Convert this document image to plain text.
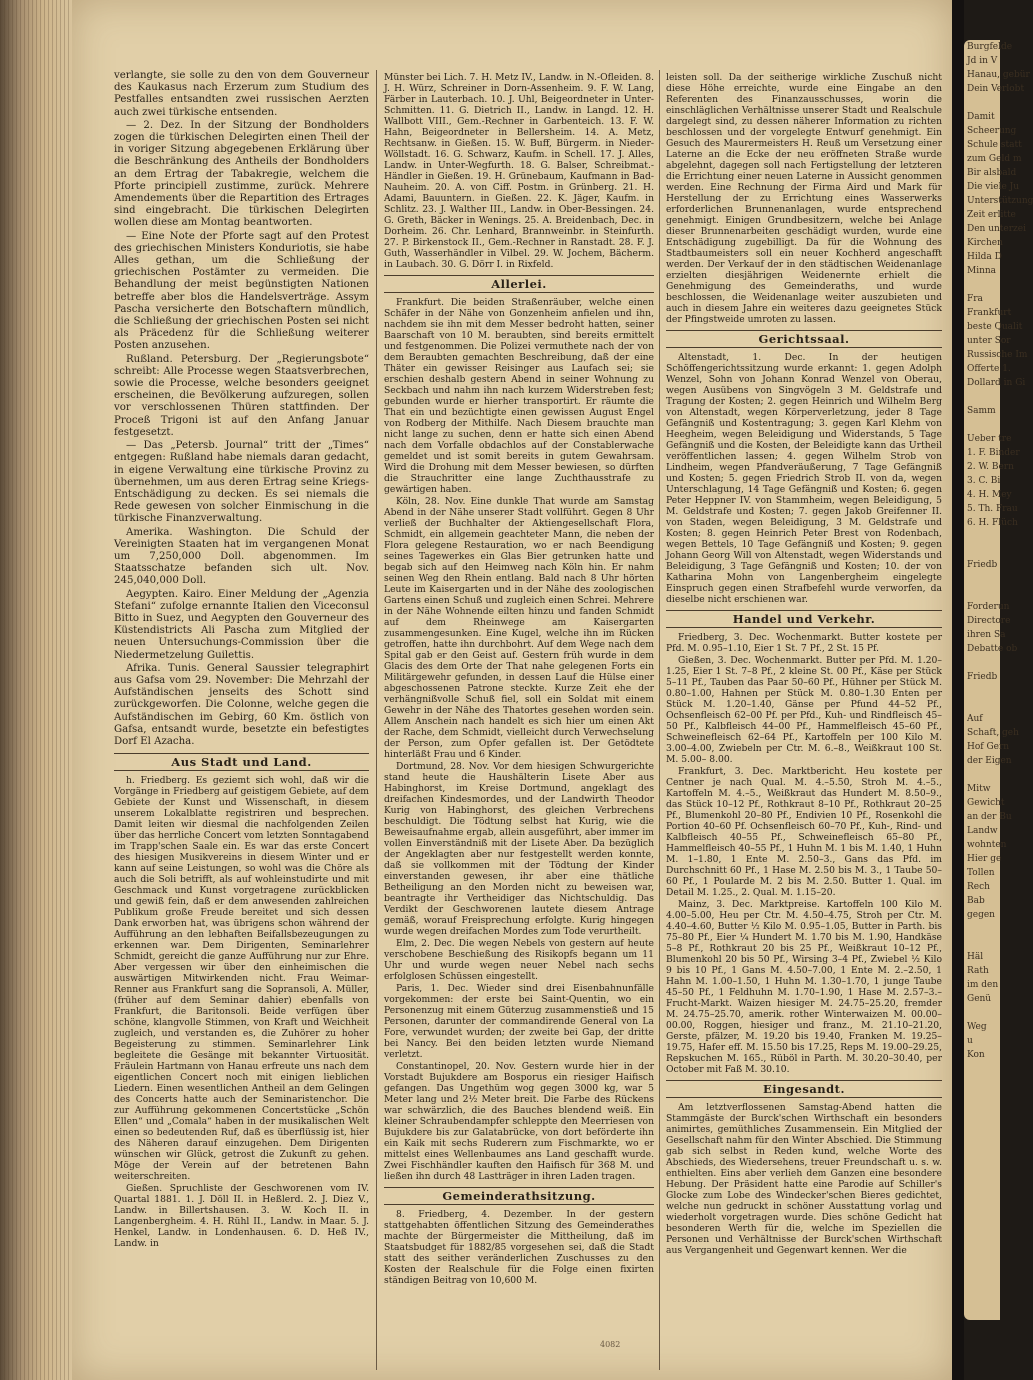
verlangte, sie solle zu den von dem Gouverneur des Kaukasus nach Erzerum zum Studium des Pestfalles entsandten zwei russischen Aerzten auch zwei türkische entsenden.

— 2. Dez. In der Sitzung der Bondholders zogen die türkischen Delegirten einen Theil der in voriger Sitzung abgegebenen Erklärung über die Beschränkung des Antheils der Bondholders an dem Ertrag der Tabakregie, welchem die Pforte principiell zustimme, zurück. Mehrere Amendements über die Repartition des Ertrages sind eingebracht. Die türkischen Delegirten wollen diese am Montag beantworten.

— Eine Note der Pforte sagt auf den Protest des griechischen Ministers Konduriotis, sie habe Alles gethan, um die Schließung der griechischen Postämter zu vermeiden. Die Behandlung der meist begünstigten Nationen betreffe aber blos die Handelsverträge. Assym Pascha versicherte den Botschaftern mündlich, die Schließung der griechischen Posten sei nicht als Präcedenz für die Schließung weiterer Posten anzusehen.

Rußland. Petersburg. Der „Regierungsbote“ schreibt: Alle Processe wegen Staatsverbrechen, sowie die Processe, welche besonders geeignet erscheinen, die Bevölkerung aufzuregen, sollen vor verschlossenen Thüren stattfinden. Der Proceß Trigoni ist auf den Anfang Januar festgesetzt.

— Das „Petersb. Journal“ tritt der „Times“ entgegen: Rußland habe niemals daran gedacht, in eigene Verwaltung eine türkische Provinz zu übernehmen, um aus deren Ertrag seine Kriegs-Entschädigung zu decken. Es sei niemals die Rede gewesen von solcher Einmischung in die türkische Finanzverwaltung.

Amerika. Washington. Die Schuld der Vereinigten Staaten hat im vergangenen Monat um 7,250,000 Doll. abgenommen. Im Staatsschatze befanden sich ult. Nov. 245,040,000 Doll.

Aegypten. Kairo. Einer Meldung der „Agenzia Stefani“ zufolge ernannte Italien den Viceconsul Bitto in Suez, und Aegypten den Gouverneur des Küstendistricts Ali Pascha zum Mitglied der neuen Untersuchungs-Commission über die Niedermetzelung Guilettis.

Afrika. Tunis. General Saussier telegraphirt aus Gafsa vom 29. November: Die Mehrzahl der Aufständischen jenseits des Schott sind zurückgeworfen. Die Colonne, welche gegen die Aufständischen im Gebirg, 60 Km. östlich von Gafsa, entsandt wurde, besetzte ein befestigtes Dorf El Azacha.

Aus Stadt und Land.

h. Friedberg. Es geziemt sich wohl, daß wir die Vorgänge in Friedberg auf geistigem Gebiete, auf dem Gebiete der Kunst und Wissenschaft, in diesem unserem Lokalblatte registriren und besprechen. Damit leiten wir diesmal die nachfolgenden Zeilen über das herrliche Concert vom letzten Sonntagabend im Trapp'schen Saale ein. Es war das erste Concert des hiesigen Musikvereins in diesem Winter und er kann auf seine Leistungen, so wohl was die Chöre als auch die Soli betrifft, als auf wohleinstudirte und mit Geschmack und Kunst vorgetragene zurückblicken und gewiß fein, daß er dem anwesenden zahlreichen Publikum große Freude bereitet und sich dessen Dank erworben hat, was übrigens schon während der Aufführung an den lebhaften Beifallsbezeugungen zu erkennen war. Dem Dirigenten, Seminarlehrer Schmidt, gereicht die ganze Aufführung nur zur Ehre. Aber vergessen wir über den einheimischen die auswärtigen Mitwirkenden nicht. Frau Weimar-Renner aus Frankfurt sang die Sopransoli, A. Müller, (früher auf dem Seminar dahier) ebenfalls von Frankfurt, die Baritonsoli. Beide verfügen über schöne, klangvolle Stimmen, von Kraft und Weichheit zugleich, und verstanden es, die Zuhörer zu hoher Begeisterung zu stimmen. Seminarlehrer Link begleitete die Gesänge mit bekannter Virtuosität. Fräulein Hartmann von Hanau erfreute uns nach dem eigentlichen Concert noch mit einigen lieblichen Liedern. Einen wesentlichen Antheil an dem Gelingen des Concerts hatte auch der Seminaristenchor. Die zur Aufführung gekommenen Concertstücke „Schön Ellen“ und „Comala“ haben in der musikalischen Welt einen so bedeutenden Ruf, daß es überflüssig ist, hier des Näheren darauf einzugehen. Dem Dirigenten wünschen wir Glück, getrost die Zukunft zu gehen. Möge der Verein auf der betretenen Bahn weiterschreiten.

Gießen. Spruchliste der Geschworenen vom IV. Quartal 1881. 1. J. Döll II. in Heßlerd. 2. J. Diez V., Landw. in Billertshausen. 3. W. Koch II. in Langenbergheim. 4. H. Rühl II., Landw. in Maar. 5. J. Henkel, Landw. in Londenhausen. 6. D. Heß IV., Landw. in

Münster bei Lich. 7. H. Metz IV., Landw. in N.-Ofleiden. 8. J. H. Würz, Schreiner in Dorn-Assenheim. 9. F. W. Lang, Färber in Lauterbach. 10. J. Uhl, Beigeordneter in Unter-Schmitten. 11. G. Dietrich II., Landw. in Langd. 12. H. Wallbott VIII., Gem.-Rechner in Garbenteich. 13. F. W. Hahn, Beigeordneter in Bellersheim. 14. A. Metz, Rechtsanw. in Gießen. 15. W. Buff, Bürgerm. in Nieder-Wöllstadt. 16. G. Schwarz, Kaufm. in Schell. 17. J. Alles, Landw. in Unter-Wegfurth. 18. G. Balser, Schreibmat.-Händler in Gießen. 19. H. Grünebaum, Kaufmann in Bad-Nauheim. 20. A. von Ciff. Postm. in Grünberg. 21. H. Adami, Bauuntern. in Gießen. 22. K. Jäger, Kaufm. in Schlitz. 23. J. Walther III., Landw. in Ober-Bessingen. 24. G. Greth, Bäcker in Wenings. 25. A. Breidenbach, Dec. in Dorheim. 26. Chr. Lenhard, Brannweinbr. in Steinfurth. 27. P. Birkenstock II., Gem.-Rechner in Ranstadt. 28. F. J. Guth, Wasserhändler in Vilbel. 29. W. Jochem, Bächerm. in Laubach. 30. G. Dörr I. in Rixfeld.

Allerlei.

Frankfurt. Die beiden Straßenräuber, welche einen Schäfer in der Nähe von Gonzenheim anfielen und ihn, nachdem sie ihn mit dem Messer bedroht hatten, seiner Baarschaft von 10 M. beraubten, sind bereits ermittelt und festgenommen. Die Polizei vermuthete nach der von dem Beraubten gemachten Beschreibung, daß der eine Thäter ein gewisser Reisinger aus Laufach sei; sie erschien deshalb gestern Abend in seiner Wohnung zu Seckbach und nahm ihn nach kurzem Widerstreben fest; gebunden wurde er hierher transportirt. Er räumte die That ein und bezüchtigte einen gewissen August Engel von Rodberg der Mithilfe. Nach Diesem brauchte man nicht lange zu suchen, denn er hatte sich einen Abend nach dem Vorfalle obdachlos auf der Constablerwache gemeldet und ist somit bereits in gutem Gewahrsam. Wird die Drohung mit dem Messer bewiesen, so dürften die Strauchritter eine lange Zuchthausstrafe zu gewärtigen haben.

Köln, 28. Nov. Eine dunkle That wurde am Samstag Abend in der Nähe unserer Stadt vollführt. Gegen 8 Uhr verließ der Buchhalter der Aktiengesellschaft Flora, Schmidt, ein allgemein geachteter Mann, die neben der Flora gelegene Restauration, wo er nach Beendigung seines Tagewerkes ein Glas Bier getrunken hatte und begab sich auf den Heimweg nach Köln hin. Er nahm seinen Weg den Rhein entlang. Bald nach 8 Uhr hörten Leute im Kaisergarten und in der Nähe des zoologischen Gartens einen Schuß und zugleich einen Schrei. Mehrere in der Nähe Wohnende eilten hinzu und fanden Schmidt auf dem Rheinwege am Kaisergarten zusammengesunken. Eine Kugel, welche ihn im Rücken getroffen, hatte ihn durchbohrt. Auf dem Wege nach dem Spital gab er den Geist auf. Gestern früh wurde in dem Glacis des dem Orte der That nahe gelegenen Forts ein Militärgewehr gefunden, in dessen Lauf die Hülse einer abgeschossenen Patrone steckte. Kurze Zeit ehe der verhängnißvolle Schuß fiel, soll ein Soldat mit einem Gewehr in der Nähe des Thatortes gesehen worden sein. Allem Anschein nach handelt es sich hier um einen Akt der Rache, dem Schmidt, vielleicht durch Verwechselung der Person, zum Opfer gefallen ist. Der Getödtete hinterläßt Frau und 6 Kinder.

Dortmund, 28. Nov. Vor dem hiesigen Schwurgerichte stand heute die Haushälterin Lisete Aber aus Habinghorst, im Kreise Dortmund, angeklagt des dreifachen Kindesmordes, und der Landwirth Theodor Kurig von Habinghorst, des gleichen Verbrechens beschuldigt. Die Tödtung selbst hat Kurig, wie die Beweisaufnahme ergab, allein ausgeführt, aber immer im vollen Einverständniß mit der Lisete Aber. Da bezüglich der Angeklagten aber nur festgestellt werden konnte, daß sie vollkommen mit der Tödtung der Kinder einverstanden gewesen, ihr aber eine thätliche Betheiligung an den Morden nicht zu beweisen war, beantragte ihr Vertheidiger das Nichtschuldig. Das Verdikt der Geschworenen lautete diesem Antrage gemäß, worauf Freisprechung erfolgte. Kurig hingegen wurde wegen dreifachen Mordes zum Tode verurtheilt.

Elm, 2. Dec. Die wegen Nebels von gestern auf heute verschobene Beschießung des Risikopfs begann um 11 Uhr und wurde wegen neuer Nebel nach sechs erfolglosen Schüssen eingestellt.

Paris, 1. Dec. Wieder sind drei Eisenbahnunfälle vorgekommen: der erste bei Saint-Quentin, wo ein Personenzug mit einem Güterzug zusammenstieß und 15 Personen, darunter der commandirende General von La Fore, verwundet wurden; der zweite bei Gap, der dritte bei Nancy. Bei den beiden letzten wurde Niemand verletzt.

Constantinopel, 20. Nov. Gestern wurde hier in der Vorstadt Bujukdere am Bosporus ein riesiger Haifisch gefangen. Das Ungethüm wog gegen 3000 kg, war 5 Meter lang und 2½ Meter breit. Die Farbe des Rückens war schwärzlich, die des Bauches blendend weiß. Ein kleiner Schraubendampfer schleppte den Meerriesen von Bujukdere bis zur Galatabrücke, von dort beförderte ihn ein Kaik mit sechs Ruderern zum Fischmarkte, wo er mittelst eines Wellenbaumes ans Land geschafft wurde. Zwei Fischhändler kauften den Haifisch für 368 M. und ließen ihn durch 48 Lastträger in ihren Laden tragen.

Gemeinderathsitzung.

8. Friedberg, 4. Dezember. In der gestern stattgehabten öffentlichen Sitzung des Gemeinderathes machte der Bürgermeister die Mittheilung, daß im Staatsbudget für 1882/85 vorgesehen sei, daß die Stadt statt des seither veränderlichen Zuschusses zu den Kosten der Realschule für die Folge einen fixirten ständigen Beitrag von 10,600 M.

leisten soll. Da der seitherige wirkliche Zuschuß nicht diese Höhe erreichte, wurde eine Eingabe an den Referenten des Finanzausschusses, worin die einschläglichen Verhältnisse unserer Stadt und Realschule dargelegt sind, zu dessen näherer Information zu richten beschlossen und der vorgelegte Entwurf genehmigt. Ein Gesuch des Maurermeisters H. Reuß um Versetzung einer Laterne an die Ecke der neu eröffneten Straße wurde abgelehnt, dagegen soll nach Fertigstellung der letzteren die Errichtung einer neuen Laterne in Aussicht genommen werden. Eine Rechnung der Firma Aird und Mark für Herstellung der zu Errichtung eines Wasserwerks erforderlichen Brunnenanlagen, wurde entsprechend genehmigt. Einigen Grundbesitzern, welche bei Anlage dieser Brunnenarbeiten geschädigt wurden, wurde eine Entschädigung zugebilligt. Da für die Wohnung des Stadtbaumeisters soll ein neuer Kochherd angeschafft werden. Der Verkauf der in den städtischen Weidenanlage erzielten diesjährigen Weidenernte erhielt die Genehmigung des Gemeinderaths, und wurde beschlossen, die Weidenanlage weiter auszubieten und auch in diesem Jahre ein weiteres dazu geeignetes Stück der Pfingstweide umroten zu lassen.

Gerichtssaal.

Altenstadt, 1. Dec. In der heutigen Schöffengerichtssitzung wurde erkannt: 1. gegen Adolph Wenzel, Sohn von Johann Konrad Wenzel von Oberau, wegen Ausübens von Singvögeln 3 M. Geldstrafe und Tragung der Kosten; 2. gegen Heinrich und Wilhelm Berg von Altenstadt, wegen Körperverletzung, jeder 8 Tage Gefängniß und Kostentragung; 3. gegen Karl Klehm von Heegheim, wegen Beleidigung und Widerstands, 5 Tage Gefängniß und die Kosten, der Beleidigte kann das Urtheil veröffentlichen lassen; 4. gegen Wilhelm Strob von Lindheim, wegen Pfandveräußerung, 7 Tage Gefängniß und Kosten; 5. gegen Friedrich Strob II. von da, wegen Unterschlagung, 14 Tage Gefängniß und Kosten; 6. gegen Peter Heppner IV. von Stammheim, wegen Beleidigung, 5 M. Geldstrafe und Kosten; 7. gegen Jakob Greifenner II. von Staden, wegen Beleidigung, 3 M. Geldstrafe und Kosten; 8. gegen Heinrich Peter Brest von Rodenbach, wegen Bettels, 10 Tage Gefängniß und Kosten; 9. gegen Johann Georg Will von Altenstadt, wegen Widerstands und Beleidigung, 3 Tage Gefängniß und Kosten; 10. der von Katharina Mohn von Langenbergheim eingelegte Einspruch gegen einen Strafbefehl wurde verworfen, da dieselbe nicht erschienen war.

Handel und Verkehr.

Friedberg, 3. Dec. Wochenmarkt. Butter kostete per Pfd. M. 0.95–1.10, Eier 1 St. 7 Pf., 2 St. 15 Pf.

Gießen, 3. Dec. Wochenmarkt. Butter per Pfd. M. 1.20–1.25, Eier 1 St. 7–8 Pf., 2 kleine St. 00 Pf., Käse per Stück 5–11 Pf., Tauben das Paar 50–60 Pf., Hühner per Stück M. 0.80–1.00, Hahnen per Stück M. 0.80–1.30 Enten per Stück M. 1.20–1.40, Gänse per Pfund 44–52 Pf., Ochsenfleisch 62–00 Pf. per Pfd., Kuh- und Rindfleisch 45–50 Pf., Kalbfleisch 44–00 Pf., Hammelfleisch 45–60 Pf., Schweinefleisch 62–64 Pf., Kartoffeln per 100 Kilo M. 3.00–4.00, Zwiebeln per Ctr. M. 6.–8., Weißkraut 100 St. M. 5.00– 8.00.

Frankfurt, 3. Dec. Marktbericht. Heu kostete per Centner je nach Qual. M. 4.–5.50, Stroh M. 4.–5., Kartoffeln M. 4.–5., Weißkraut das Hundert M. 8.50–9., das Stück 10–12 Pf., Rothkraut 8–10 Pf., Rothkraut 20–25 Pf., Blumenkohl 20–80 Pf., Endivien 10 Pf., Rosenkohl die Portion 40–60 Pf. Ochsenfleisch 60–70 Pf., Kuh-, Rind- und Kalbfleisch 40–55 Pf., Schweinefleisch 65–80 Pf., Hammelfleisch 40–55 Pf., 1 Huhn M. 1 bis M. 1.40, 1 Huhn M. 1–1.80, 1 Ente M. 2.50–3., Gans das Pfd. im Durchschnitt 60 Pf., 1 Hase M. 2.50 bis M. 3., 1 Taube 50–60 Pf., 1 Poularde M. 2 bis M. 2.50. Butter 1. Qual. im Detail M. 1.25., 2. Qual. M. 1.15–20.

Mainz, 3. Dec. Marktpreise. Kartoffeln 100 Kilo M. 4.00–5.00, Heu per Ctr. M. 4.50–4.75, Stroh per Ctr. M. 4.40–4.60, Butter ½ Kilo M. 0.95–1.05, Butter in Parth. bis 75–80 Pf., Eier ¼ Hundert M. 1.70 bis M. 1.90, Handkäse 5–8 Pf., Rothkraut 20 bis 25 Pf., Weißkraut 10–12 Pf., Blumenkohl 20 bis 50 Pf., Wirsing 3–4 Pf., Zwiebel ½ Kilo 9 bis 10 Pf., 1 Gans M. 4.50–7.00, 1 Ente M. 2.–2.50, 1 Hahn M. 1.00–1.50, 1 Huhn M. 1.30–1.70, 1 junge Taube 45–50 Pf., 1 Feldhuhn M. 1.70–1.90, 1 Hase M. 2.57–3.– Frucht-Markt. Waizen hiesiger M. 24.75–25.20, fremder M. 24.75–25.70, amerik. rother Winterwaizen M. 00.00–00.00, Roggen, hiesiger und franz., M. 21.10–21.20, Gerste, pfälzer, M. 19.20 bis 19.40, Franken M. 19.25–19.75, Hafer eff. M. 15.50 bis 17.25, Reps M. 19.00–29.25, Repskuchen M. 165., Rüböl in Parth. M. 30.20–30.40, per October mit Faß M. 30.10.

Eingesandt.

Am letztverflossenen Samstag-Abend hatten die Stammgäste der Burck'schen Wirthschaft ein besonders animirtes, gemüthliches Zusammensein. Ein Mitglied der Gesellschaft nahm für den Winter Abschied. Die Stimmung gab sich selbst in Reden kund, welche Worte des Abschieds, des Wiedersehens, treuer Freundschaft u. s. w. enthielten. Eins aber verlieh dem Ganzen eine besondere Hebung. Der Präsident hatte eine Parodie auf Schiller's Glocke zum Lobe des Windecker'schen Bieres gedichtet, welche nun gedruckt in schöner Ausstattung vorlag und wiederholt vorgetragen wurde. Dies schöne Gedicht hat besonderen Werth für die, welche im Speziellen die Personen und Verhältnisse der Burck'schen Wirthschaft aus Vergangenheit und Gegenwart kennen. Wer die

Burgfelde

Jd in V

Hanau, gebür

Dein Verlobt

Damit

Scheerung

Schule statt

zum Geld m

Bir alsbald

Die viele Ju

Unterstützung

Zeit erlitte

Den unterzei

Kirchen

Hilda D

Minna

Fra

Frankfurt

beste Qualit

unter Sor

Russische Im

Offerte 1.

Dollard in Gi

Samm

Ueber tre

1. F. Binder

2. W. Bern

3. C. Bi

4. H. Mey

5. Th. Frau

6. H. Flüch

Friedb

Forderun

Directore

ihren Sa

Debatte ob

Friedb

Auf

Schaft, geh

Hof Gern

der Eigen

Mitw

Gewicht

an der Bu

Landw

wohnten

Hier ge

Tollen

Rech

Bab

gegen

Häl

Rath

im den

Genü

Weg

u

Kon

4082
